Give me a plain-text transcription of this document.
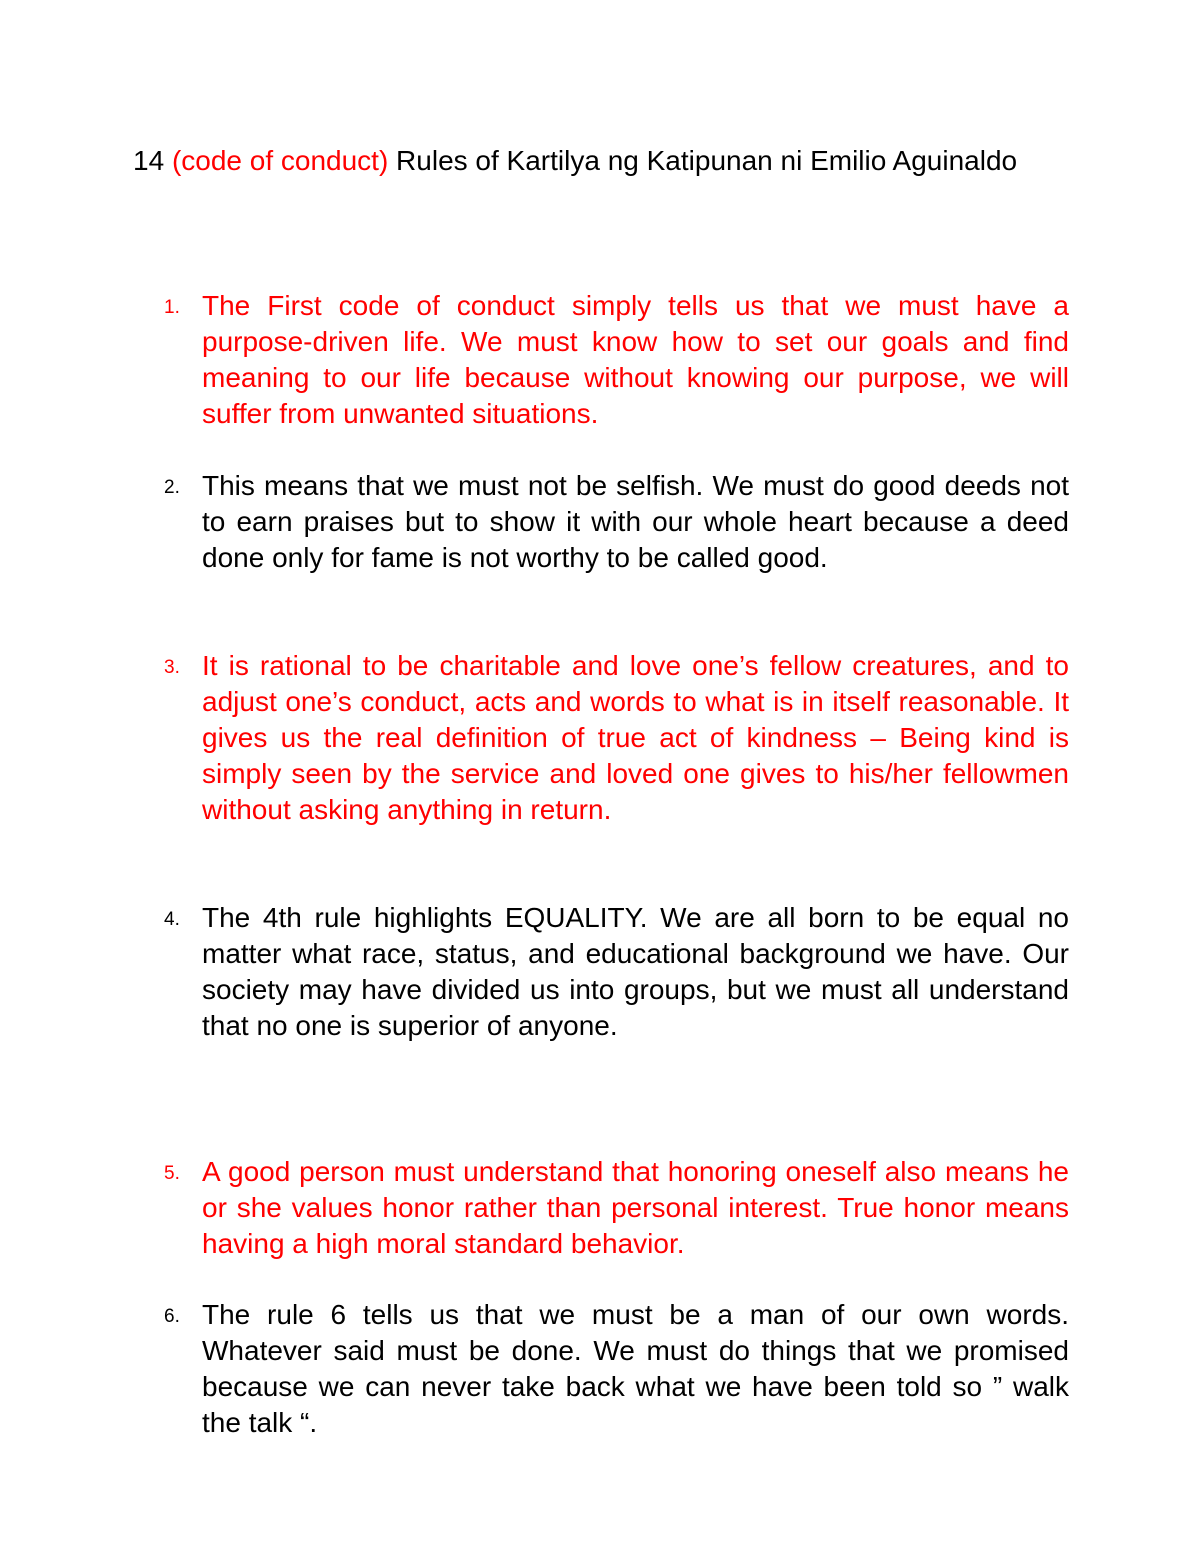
14 (code of conduct) Rules of Kartilya ng Katipunan ni Emilio Aguinaldo
1. The First code of conduct simply tells us that we must have a purpose-driven life. We must know how to set our goals and find meaning to our life because without knowing our purpose, we will suffer from unwanted situations.
2. This means that we must not be selfish. We must do good deeds not to earn praises but to show it with our whole heart because a deed done only for fame is not worthy to be called good.
3. It is rational to be charitable and love one’s fellow creatures, and to adjust one’s conduct, acts and words to what is in itself reasonable. It gives us the real definition of true act of kindness – Being kind is simply seen by the service and loved one gives to his/her fellowmen without asking anything in return.
4. The 4th rule highlights EQUALITY. We are all born to be equal no matter what race, status, and educational background we have. Our society may have divided us into groups, but we must all understand that no one is superior of anyone.
5. A good person must understand that honoring oneself also means he or she values honor rather than personal interest. True honor means having a high moral standard behavior.
6. The rule 6 tells us that we must be a man of our own words. Whatever said must be done. We must do things that we promised because we can never take back what we have been told so ” walk the talk “.
